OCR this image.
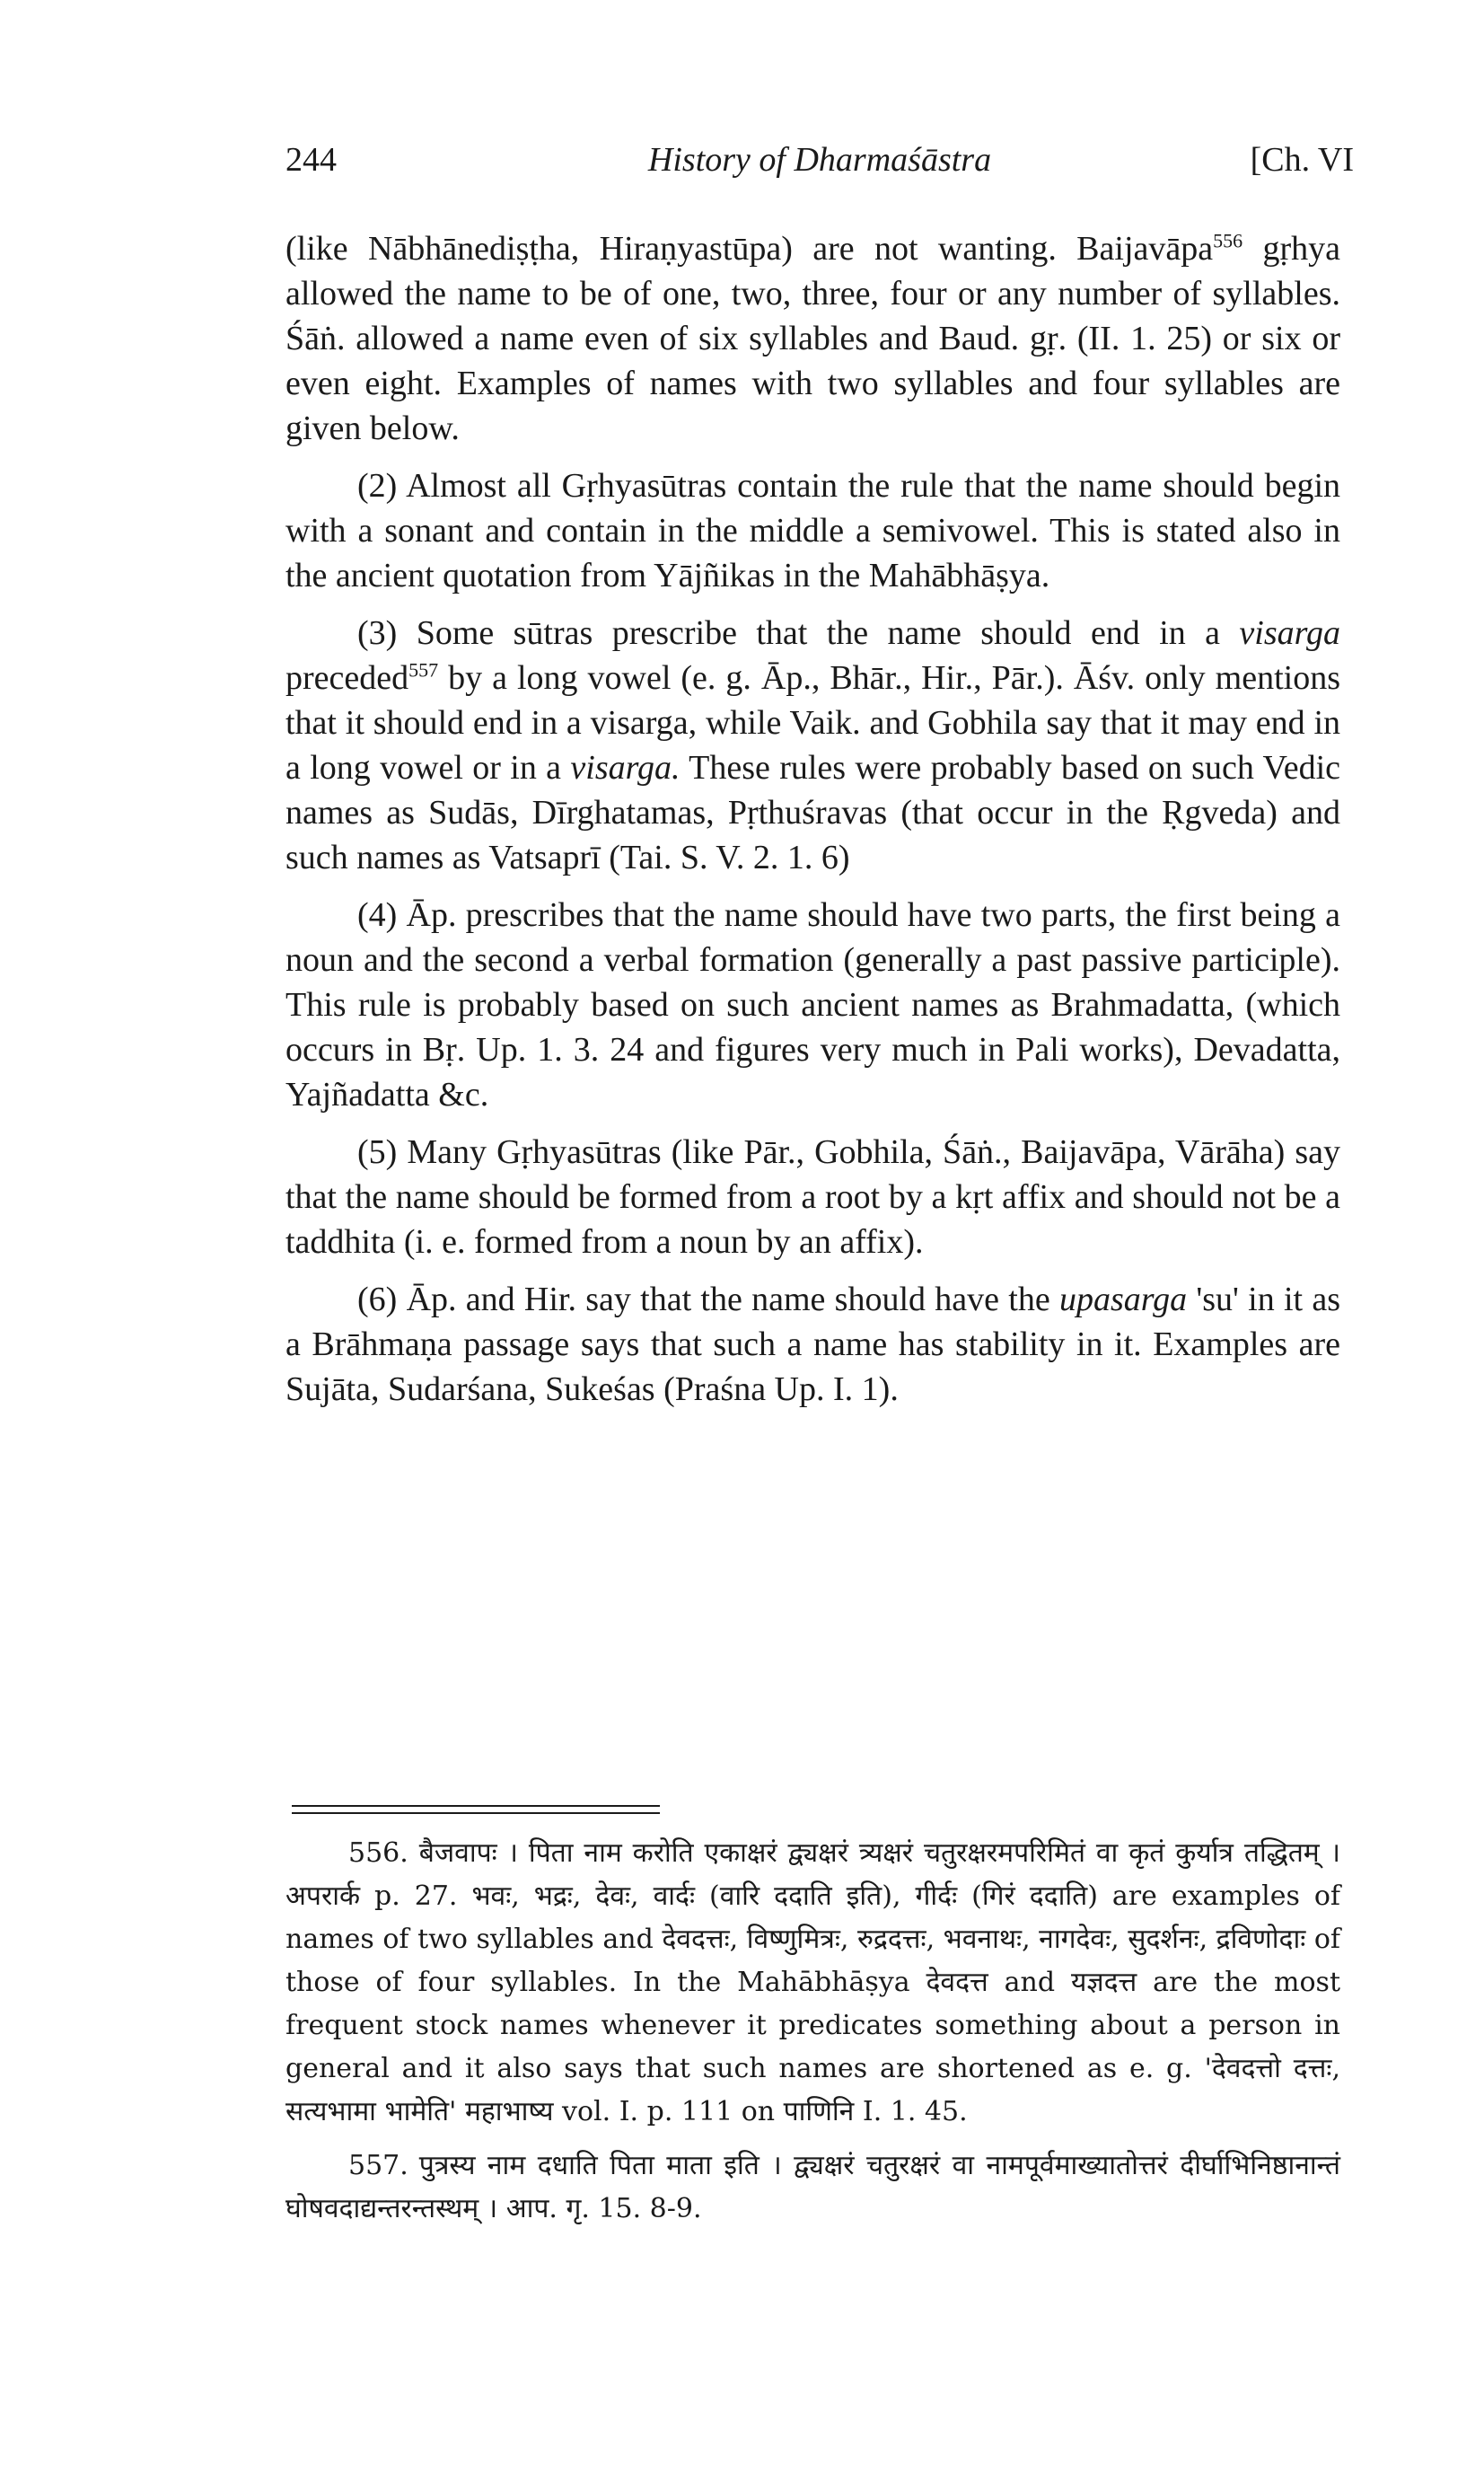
244	History of Dharmaśāstra	[Ch. VI

(like Nābhānediṣṭha, Hiraṇyastūpa) are not wanting. Baijavāpa$^{556}$ gṛhya allowed the name to be of one, two, three, four or any number of syllables. Śāṅ. allowed a name even of six syllables and Baud. gṛ. (II. 1. 25) or six or even eight. Examples of names with two syllables and four syllables are given below.

(2) Almost all Gṛhyasūtras contain the rule that the name should begin with a sonant and contain in the middle a semivowel. This is stated also in the ancient quotation from Yājñikas in the Mahābhāṣya.

(3) Some sūtras prescribe that the name should end in a visarga preceded$^{557}$ by a long vowel (e. g. Āp., Bhār., Hir., Pār.). Āśv. only mentions that it should end in a visarga, while Vaik. and Gobhila say that it may end in a long vowel or in a visarga. These rules were probably based on such Vedic names as Sudās, Dīrghatamas, Pṛthuśravas (that occur in the Ṛgveda) and such names as Vatsaprī (Tai. S. V. 2. 1. 6)

(4) Āp. prescribes that the name should have two parts, the first being a noun and the second a verbal formation (generally a past passive participle). This rule is probably based on such ancient names as Brahmadatta, (which occurs in Bṛ. Up. 1. 3. 24 and figures very much in Pali works), Devadatta, Yajñadatta &c.

(5) Many Gṛhyasūtras (like Pār., Gobhila, Śāṅ., Baijavāpa, Vārāha) say that the name should be formed from a root by a kṛt affix and should not be a taddhita (i. e. formed from a noun by an affix).

(6) Āp. and Hir. say that the name should have the upasarga 'su' in it as a Brāhmaṇa passage says that such a name has stability in it. Examples are Sujāta, Sudarśana, Sukeśas (Praśna Up. I. 1).

556. बैजवापः । पिता नाम करोति एकाक्षरं द्व्यक्षरं त्र्यक्षरं चतुरक्षरमपरिमितं वा कृतं कुर्यात्र तद्धितम् । अपरार्क p. 27. भवः, भद्रः, देवः, वार्दः (वारि ददाति इति), गीर्दः (गिरं ददाति) are examples of names of two syllables and देवदत्तः, विष्णुमित्रः, रुद्रदत्तः, भवनाथः, नागदेवः, सुदर्शनः, द्रविणोदाः of those of four syllables. In the Mahābhāṣya देवदत्त and यज्ञदत्त are the most frequent stock names whenever it predicates something about a person in general and it also says that such names are shortened as e. g. 'देवदत्तो दत्तः, सत्यभामा भामेति' महाभाष्य vol. I. p. 111 on पाणिनि I. 1. 45.

557. पुत्रस्य नाम दधाति पिता माता इति । द्व्यक्षरं चतुरक्षरं वा नामपूर्वमाख्यातोत्तरं दीर्घाभिनिष्ठानान्तं घोषवदाद्यन्तरन्तस्थम् । आप. गृ. 15. 8-9.
